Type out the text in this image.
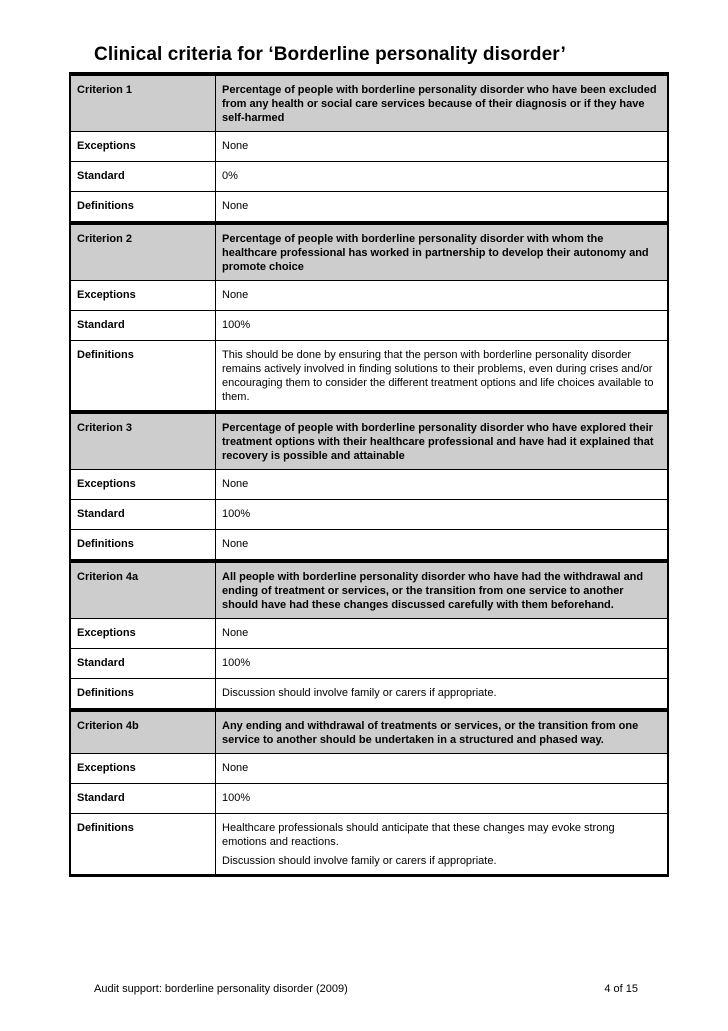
Clinical criteria for ‘Borderline personality disorder’
Criterion 1	Percentage of people with borderline personality disorder who have been excluded from any health or social care services because of their diagnosis or if they have self-harmed
Exceptions	None
Standard	0%
Definitions	None
Criterion 2	Percentage of people with borderline personality disorder with whom the healthcare professional has worked in partnership to develop their autonomy and promote choice
Exceptions	None
Standard	100%
Definitions	This should be done by ensuring that the person with borderline personality disorder remains actively involved in finding solutions to their problems, even during crises and/or encouraging them to consider the different treatment options and life choices available to them.
Criterion 3	Percentage of people with borderline personality disorder who have explored their treatment options with their healthcare professional and have had it explained that recovery is possible and attainable
Exceptions	None
Standard	100%
Definitions	None
Criterion 4a	All people with borderline personality disorder who have had the withdrawal and ending of treatment or services, or the transition from one service to another should have had these changes discussed carefully with them beforehand.
Exceptions	None
Standard	100%
Definitions	Discussion should involve family or carers if appropriate.
Criterion 4b	Any ending and withdrawal of treatments or services, or the transition from one service to another should be undertaken in a structured and phased way.
Exceptions	None
Standard	100%
Definitions	Healthcare professionals should anticipate that these changes may evoke strong emotions and reactions.

Discussion should involve family or carers if appropriate.

Audit support: borderline personality disorder (2009)	4 of 15
